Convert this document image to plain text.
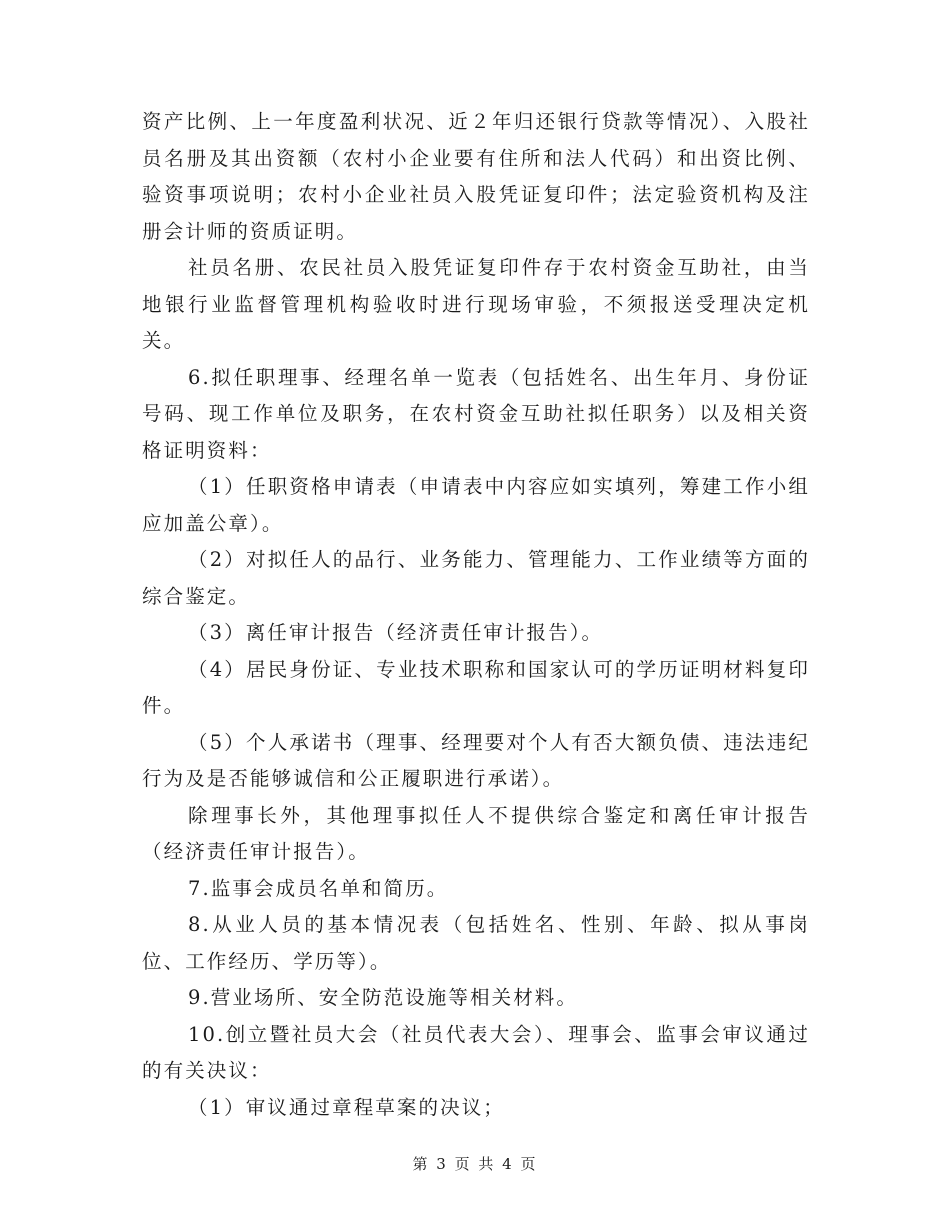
资产比例、上一年度盈利状况、近２年归还银行贷款等情况）、入股社员名册及其出资额（农村小企业要有住所和法人代码）和出资比例、验资事项说明；农村小企业社员入股凭证复印件；法定验资机构及注册会计师的资质证明。

社员名册、农民社员入股凭证复印件存于农村资金互助社，由当地银行业监督管理机构验收时进行现场审验，不须报送受理决定机关。

6.拟任职理事、经理名单一览表（包括姓名、出生年月、身份证号码、现工作单位及职务，在农村资金互助社拟任职务）以及相关资格证明资料：

（1）任职资格申请表（申请表中内容应如实填列，筹建工作小组应加盖公章）。

（2）对拟任人的品行、业务能力、管理能力、工作业绩等方面的综合鉴定。

（3）离任审计报告（经济责任审计报告）。

（4）居民身份证、专业技术职称和国家认可的学历证明材料复印件。

（5）个人承诺书（理事、经理要对个人有否大额负债、违法违纪行为及是否能够诚信和公正履职进行承诺）。

除理事长外，其他理事拟任人不提供综合鉴定和离任审计报告（经济责任审计报告）。

7.监事会成员名单和简历。

8.从业人员的基本情况表（包括姓名、性别、年龄、拟从事岗位、工作经历、学历等）。

9.营业场所、安全防范设施等相关材料。

10.创立暨社员大会（社员代表大会）、理事会、监事会审议通过的有关决议：

（1）审议通过章程草案的决议；

第 3 页 共 4 页
